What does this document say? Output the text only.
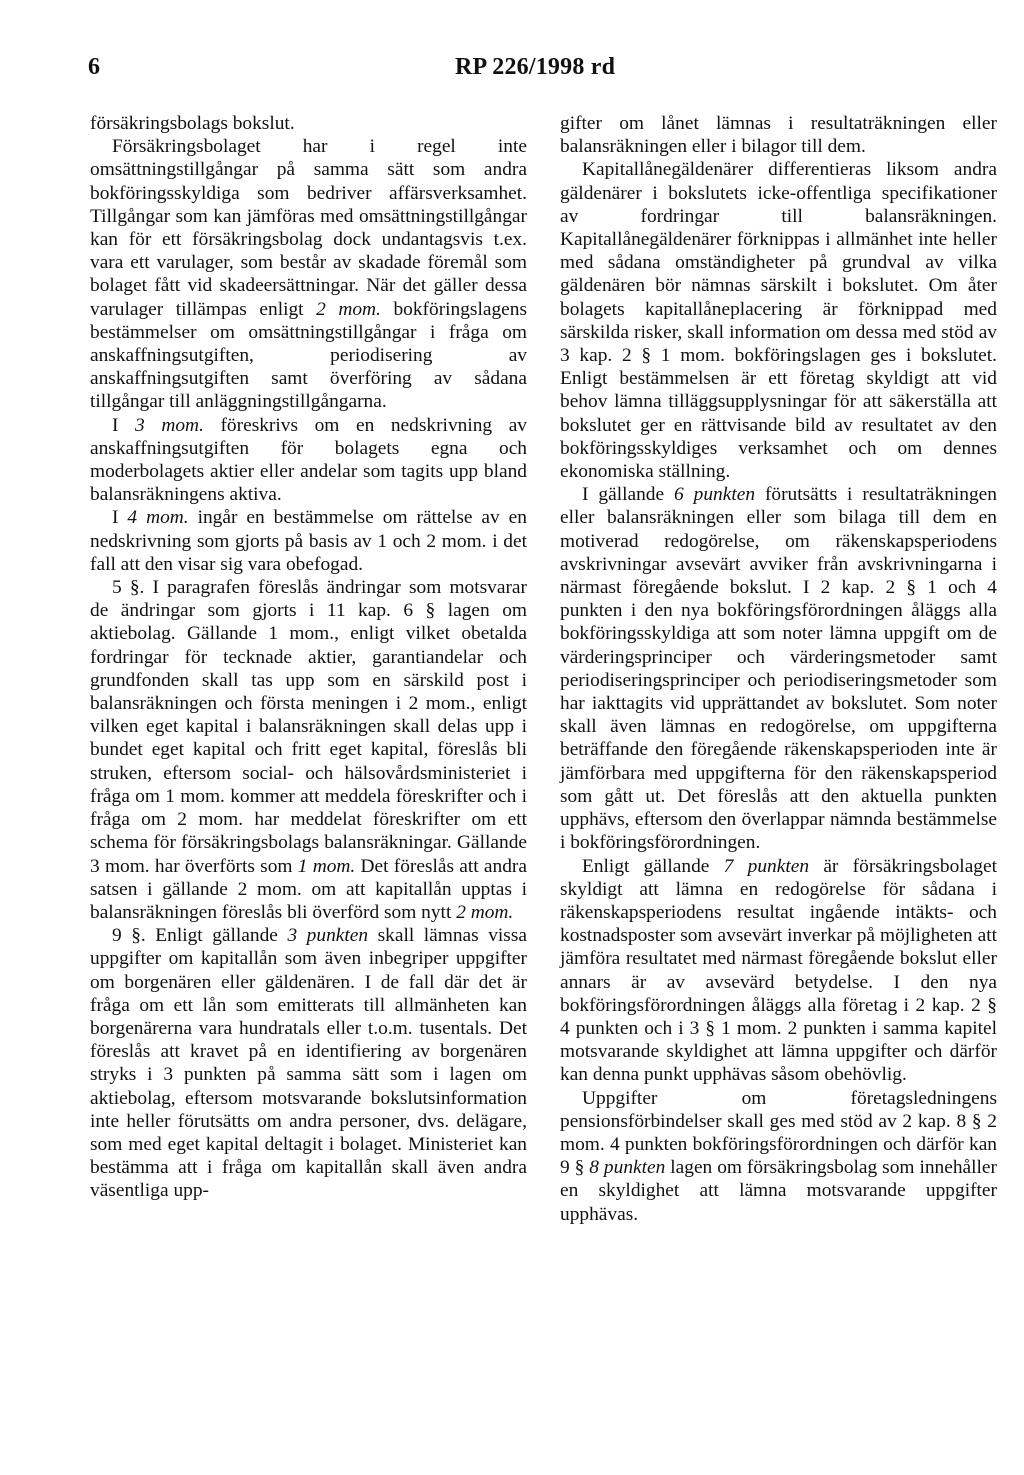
6	RP 226/1998 rd

försäkringsbolags bokslut.

Försäkringsbolaget har i regel inte omsättningstillgångar på samma sätt som andra bokföringsskyldiga som bedriver affärsverksamhet. Tillgångar som kan jämföras med omsättningstillgångar kan för ett försäkringsbolag dock undantagsvis t.ex. vara ett varulager, som består av skadade föremål som bolaget fått vid skadeersättningar. När det gäller dessa varulager tillämpas enligt 2 mom. bokföringslagens bestämmelser om omsättningstillgångar i fråga om anskaffningsutgiften, periodisering av anskaffningsutgiften samt överföring av sådana tillgångar till anläggningstillgångarna.

I 3 mom. föreskrivs om en nedskrivning av anskaffningsutgiften för bolagets egna och moderbolagets aktier eller andelar som tagits upp bland balansräkningens aktiva.

I 4 mom. ingår en bestämmelse om rättelse av en nedskrivning som gjorts på basis av 1 och 2 mom. i det fall att den visar sig vara obefogad.

5 §. I paragrafen föreslås ändringar som motsvarar de ändringar som gjorts i 11 kap. 6 § lagen om aktiebolag. Gällande 1 mom., enligt vilket obetalda fordringar för tecknade aktier, garantiandelar och grundfonden skall tas upp som en särskild post i balansräkningen och första meningen i 2 mom., enligt vilken eget kapital i balansräkningen skall delas upp i bundet eget kapital och fritt eget kapital, föreslås bli struken, eftersom social- och hälsovårdsministeriet i fråga om 1 mom. kommer att meddela föreskrifter och i fråga om 2 mom. har meddelat föreskrifter om ett schema för försäkringsbolags balansräkningar. Gällande 3 mom. har överförts som 1 mom. Det föreslås att andra satsen i gällande 2 mom. om att kapitallån upptas i balansräkningen föreslås bli överförd som nytt 2 mom.

9 §. Enligt gällande 3 punkten skall lämnas vissa uppgifter om kapitallån som även inbegriper uppgifter om borgenären eller gäldenären. I de fall där det är fråga om ett lån som emitterats till allmänheten kan borgenärerna vara hundratals eller t.o.m. tusentals. Det föreslås att kravet på en identifiering av borgenären stryks i 3 punkten på samma sätt som i lagen om aktiebolag, eftersom motsvarande bokslutsinformation inte heller förutsätts om andra personer, dvs. delägare, som med eget kapital deltagit i bolaget. Ministeriet kan bestämma att i fråga om kapitallån skall även andra väsentliga upp-

gifter om lånet lämnas i resultaträkningen eller balansräkningen eller i bilagor till dem.

Kapitallånegäldenärer differentieras liksom andra gäldenärer i bokslutets icke-offentliga specifikationer av fordringar till balansräkningen. Kapitallånegäldenärer förknippas i allmänhet inte heller med sådana omständigheter på grundval av vilka gäldenären bör nämnas särskilt i bokslutet. Om åter bolagets kapitallåneplacering är förknippad med särskilda risker, skall information om dessa med stöd av 3 kap. 2 § 1 mom. bokföringslagen ges i bokslutet. Enligt bestämmelsen är ett företag skyldigt att vid behov lämna tilläggsupplysningar för att säkerställa att bokslutet ger en rättvisande bild av resultatet av den bokföringsskyldiges verksamhet och om dennes ekonomiska ställning.

I gällande 6 punkten förutsätts i resultaträkningen eller balansräkningen eller som bilaga till dem en motiverad redogörelse, om räkenskapsperiodens avskrivningar avsevärt avviker från avskrivningarna i närmast föregående bokslut. I 2 kap. 2 § 1 och 4 punkten i den nya bokföringsförordningen åläggs alla bokföringsskyldiga att som noter lämna uppgift om de värderingsprinciper och värderingsmetoder samt periodiseringsprinciper och periodiseringsmetoder som har iakttagits vid upprättandet av bokslutet. Som noter skall även lämnas en redogörelse, om uppgifterna beträffande den föregående räkenskapsperioden inte är jämförbara med uppgifterna för den räkenskapsperiod som gått ut. Det föreslås att den aktuella punkten upphävs, eftersom den överlappar nämnda bestämmelse i bokföringsförordningen.

Enligt gällande 7 punkten är försäkringsbolaget skyldigt att lämna en redogörelse för sådana i räkenskapsperiodens resultat ingående intäkts- och kostnadsposter som avsevärt inverkar på möjligheten att jämföra resultatet med närmast föregående bokslut eller annars är av avsevärd betydelse. I den nya bokföringsförordningen åläggs alla företag i 2 kap. 2 § 4 punkten och i 3 § 1 mom. 2 punkten i samma kapitel motsvarande skyldighet att lämna uppgifter och därför kan denna punkt upphävas såsom obehövlig.

Uppgifter om företagsledningens pensionsförbindelser skall ges med stöd av 2 kap. 8 § 2 mom. 4 punkten bokföringsförordningen och därför kan 9 § 8 punkten lagen om försäkringsbolag som innehåller en skyldighet att lämna motsvarande uppgifter upphävas.
